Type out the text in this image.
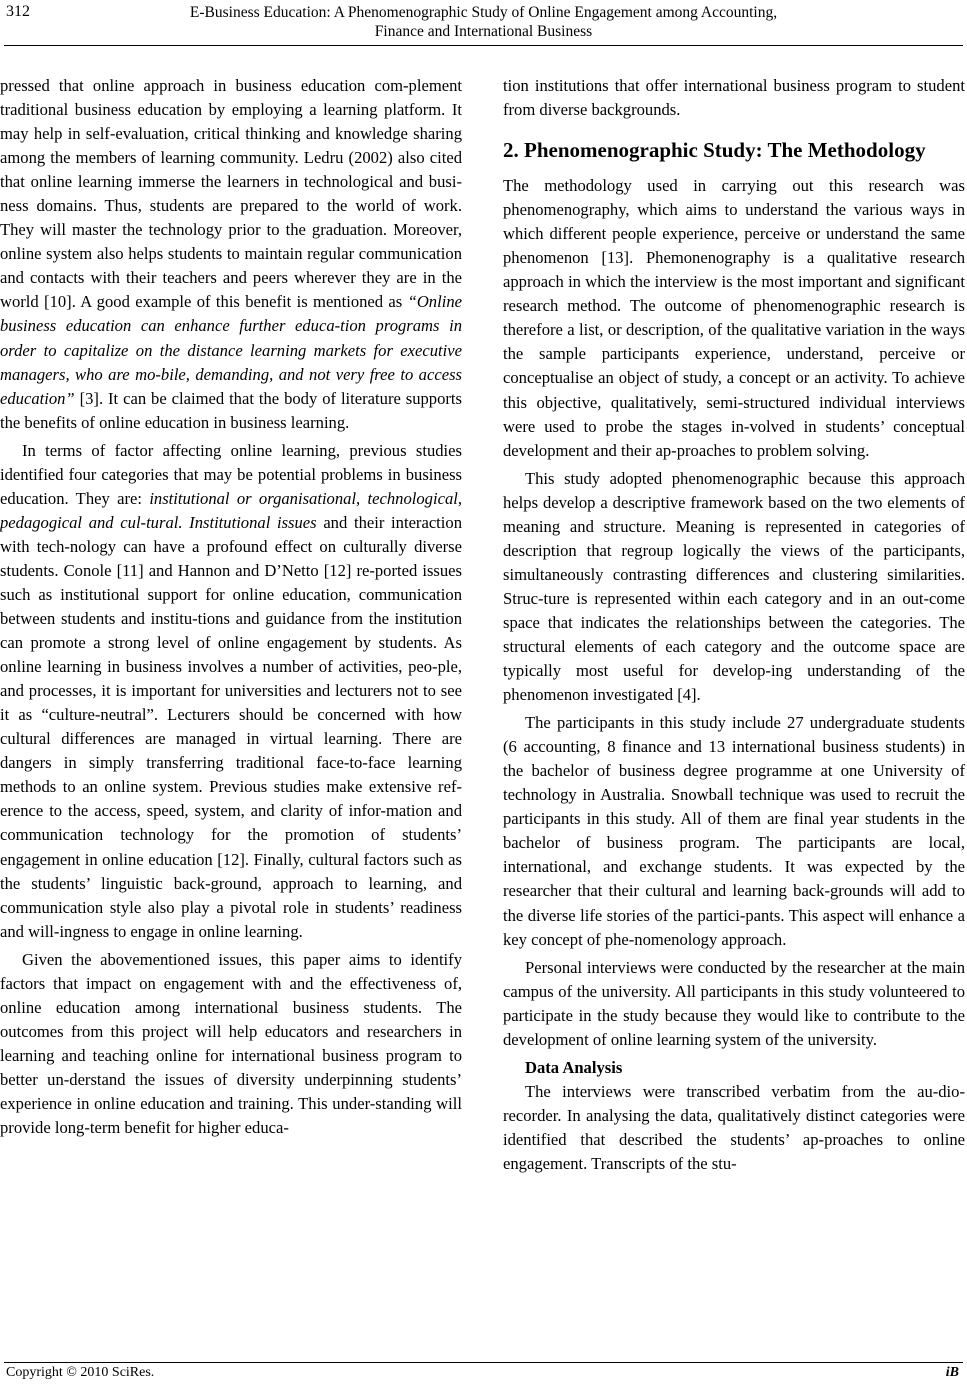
312	E-Business Education: A Phenomenographic Study of Online Engagement among Accounting,
Finance and International Business

pressed that online approach in business education com-plement traditional business education by employing a learning platform. It may help in self-evaluation, critical thinking and knowledge sharing among the members of learning community. Ledru (2002) also cited that online learning immerse the learners in technological and busi-ness domains. Thus, students are prepared to the world of work. They will master the technology prior to the graduation. Moreover, online system also helps students to maintain regular communication and contacts with their teachers and peers wherever they are in the world [10]. A good example of this benefit is mentioned as “Online business education can enhance further educa-tion programs in order to capitalize on the distance learning markets for executive managers, who are mo-bile, demanding, and not very free to access education” [3]. It can be claimed that the body of literature supports the benefits of online education in business learning.

In terms of factor affecting online learning, previous studies identified four categories that may be potential problems in business education. They are: institutional or organisational, technological, pedagogical and cul-tural. Institutional issues and their interaction with tech-nology can have a profound effect on culturally diverse students. Conole [11] and Hannon and D’Netto [12] re-ported issues such as institutional support for online education, communication between students and institu-tions and guidance from the institution can promote a strong level of online engagement by students. As online learning in business involves a number of activities, peo-ple, and processes, it is important for universities and lecturers not to see it as “culture-neutral”. Lecturers should be concerned with how cultural differences are managed in virtual learning. There are dangers in simply transferring traditional face-to-face learning methods to an online system. Previous studies make extensive ref-erence to the access, speed, system, and clarity of infor-mation and communication technology for the promotion of students’ engagement in online education [12]. Finally, cultural factors such as the students’ linguistic back-ground, approach to learning, and communication style also play a pivotal role in students’ readiness and will-ingness to engage in online learning.

Given the abovementioned issues, this paper aims to identify factors that impact on engagement with and the effectiveness of, online education among international business students. The outcomes from this project will help educators and researchers in learning and teaching online for international business program to better un-derstand the issues of diversity underpinning students’ experience in online education and training. This under-standing will provide long-term benefit for higher educa-

tion institutions that offer international business program to student from diverse backgrounds.

2. Phenomenographic Study: The Methodology

The methodology used in carrying out this research was phenomenography, which aims to understand the various ways in which different people experience, perceive or understand the same phenomenon [13]. Phemonenography is a qualitative research approach in which the interview is the most important and significant research method. The outcome of phenomenographic research is therefore a list, or description, of the qualitative variation in the ways the sample participants experience, understand, perceive or conceptualise an object of study, a concept or an activity. To achieve this objective, qualitatively, semi-structured individual interviews were used to probe the stages in-volved in students’ conceptual development and their ap-proaches to problem solving.

This study adopted phenomenographic because this approach helps develop a descriptive framework based on the two elements of meaning and structure. Meaning is represented in categories of description that regroup logically the views of the participants, simultaneously contrasting differences and clustering similarities. Struc-ture is represented within each category and in an out-come space that indicates the relationships between the categories. The structural elements of each category and the outcome space are typically most useful for develop-ing understanding of the phenomenon investigated [4].

The participants in this study include 27 undergraduate students (6 accounting, 8 finance and 13 international business students) in the bachelor of business degree programme at one University of technology in Australia. Snowball technique was used to recruit the participants in this study. All of them are final year students in the bachelor of business program. The participants are local, international, and exchange students. It was expected by the researcher that their cultural and learning back-grounds will add to the diverse life stories of the partici-pants. This aspect will enhance a key concept of phe-nomenology approach.

Personal interviews were conducted by the researcher at the main campus of the university. All participants in this study volunteered to participate in the study because they would like to contribute to the development of online learning system of the university.

Data Analysis

The interviews were transcribed verbatim from the au-dio-recorder. In analysing the data, qualitatively distinct categories were identified that described the students’ ap-proaches to online engagement. Transcripts of the stu-

Copyright © 2010 SciRes.	iB
